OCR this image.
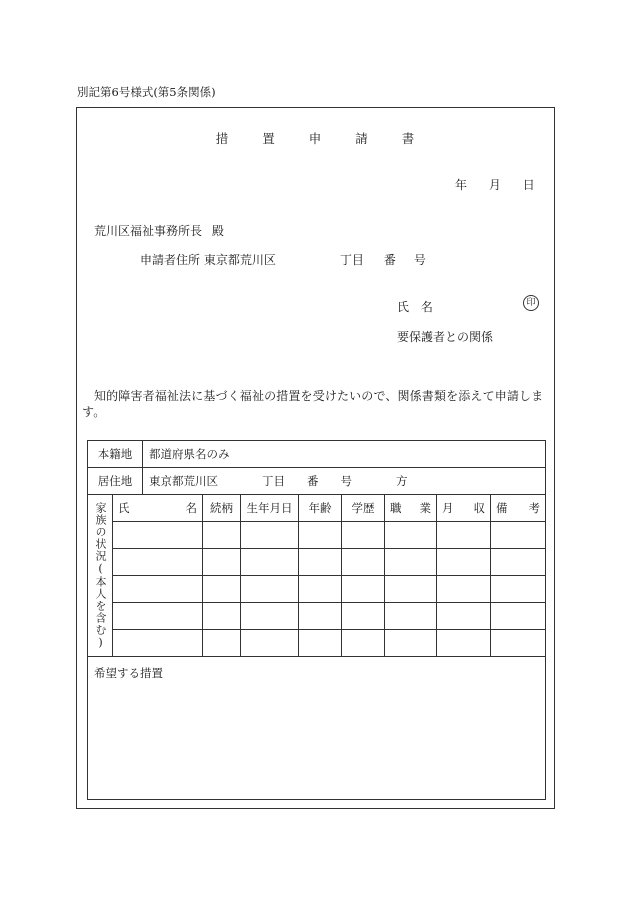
別記第6号様式(第5条関係)
措 置 申 請 書
年 月 日
荒川区福祉事務所長 殿
申請者住所 東京都荒川区	丁目 番 号
氏 名	印
要保護者との関係
知的障害者福祉法に基づく福祉の措置を受けたいので、関係書類を添えて申請します。
本籍地		都道府県名のみ							
居住地		東京都荒川区 丁目 番 号 方							
家族の状況(本人を含む)	氏 名		続柄	生年月日	年齢	学歴	職 業	月 収	備 考

希望する措置									
